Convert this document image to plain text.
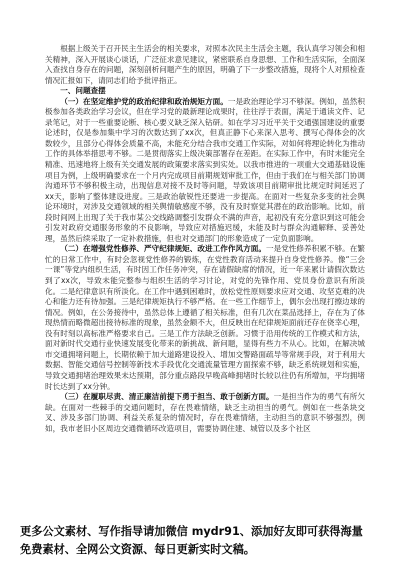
根据上级关于召开民主生活会的相关要求，对照本次民主生活会主题，我认真学习领会和相关精神，深入开展谈心谈话，广泛征求意见建议，紧密联系自身思想、工作和生活实际，全面深入查找自身存在的问题，深刻剖析问题产生的原因，明确了下一步整改措施，现将个人对照检查情况汇报如下，请同志们给予批评指正。

一、问题查摆

（一）在坚定维护党的政治纪律和政治规矩方面。一是政治理论学习不够深。例如，虽然积极参加各类政治学习会议，但在学习党的最新理论成果时，往往浮于表面，满足于通读文件、记录笔记，对于一些重要论断、核心要义缺乏深入钻研。如在学习习近平关于交通强国建设的重要论述时，仅是参加集中学习的次数达到了xx次，但真正静下心来深入思考、撰写心得体会的次数较少，且部分心得体会质量不高，未能充分结合我市交通工作实际，对如何将理论转化为推动工作的具体举措思考不够。二是贯彻落实上级决策部署存在差距。在实际工作中，有时未能完全精准、迅速地将上级有关交通发展的政策要求落实到实处。以我市推进的一项重大交通基础设施项目为例，上级明确要求在一个月内完成项目前期规划审批工作，但由于我们在与相关部门协调沟通环节不够积极主动，出现信息对接不及时等问题，导致该项目前期审批比规定时间延迟了xx天，影响了整体建设进度。三是政治敏锐性还要进一步提高。在面对一些复杂多变的社会舆论环境时，对涉及交通领域的相关舆情敏感度不够，没有及时察觉其潜在的政治影响。比如，前段时间网上出现了关于我市某公交线路调整引发群众不满的声音，起初没有充分意识到这可能会引发对政府交通服务形象的不良影响，导致应对措施迟缓，未能及时与群众沟通解释、妥善处理，虽然后续采取了一定补救措施，但也对交通部门的形象造成了一定负面影响。

（二）在增强党性修养、严守纪律规矩、改进工作作风方面。一是党性修养积累不够。在繁忙的日常工作中，有时会忽视党性修养的锻炼，在党性教育活动来提升自身党性修养。像“三会一课”等党内组织生活，有时因工作任务冲突，存在请假缺席的情况，近一年来累计请假次数达到了xx次，导致未能完整参与组织生活的学习讨论，对党的先锋作用、党员身份意识有所淡化。二是纪律意识有所淡化。在工作中遇到困难时，放松党性原则要求应对交通、攻坚克难的决心和能力还有待加强。三是纪律规矩执行不够严格。在一些工作细节上，偶尔会出现打擦边球的情况。例如，在公务接待中，虽然总体上遵循了相关标准，但有几次在菜品选择上，存在为了体现热情而略微超出接待标准的现象，虽然金额不大，但反映出在纪律规矩面前还存在侥幸心理，没有时刻以高标准严格要求自己。三是工作方法缺乏创新。习惯于沿用传统的工作模式和方法，面对新时代交通行业快速发展变化带来的新挑战、新问题，显得有些力不从心。比如，在解决城市交通拥堵问题上，长期依赖于加大道路建设投入、增加交警路面疏导等常规手段，对于利用大数据、智能交通信号控制等新技术手段优化交通流量管理方面探索不够，缺乏系统规划和实施，导致交通拥堵治理效果未达预期，部分重点路段早晚高峰拥堵时长较以往仍有所增加，平均拥堵时长达到了xx分钟。

（三）在履职尽责、清正廉洁前提下勇于担当、敢于创新方面。一是担当作为的勇气有所欠缺。在面对一些棘手的交通问题时，存在畏难情绪，缺乏主动担当的勇气。例如在一些条块交叉、涉及多部门协调、利益关系复杂的情况时，存在畏难情绪，主动担当的意识不够强烈，例如，我市老旧小区周边交通微循环改造项目，需要协调住建、城管以及多个社区

更多公文素材、写作指导请加微信 mydr91、添加好友即可获得海量

免费素材、全网公文资源、每日更新实时文稿。
